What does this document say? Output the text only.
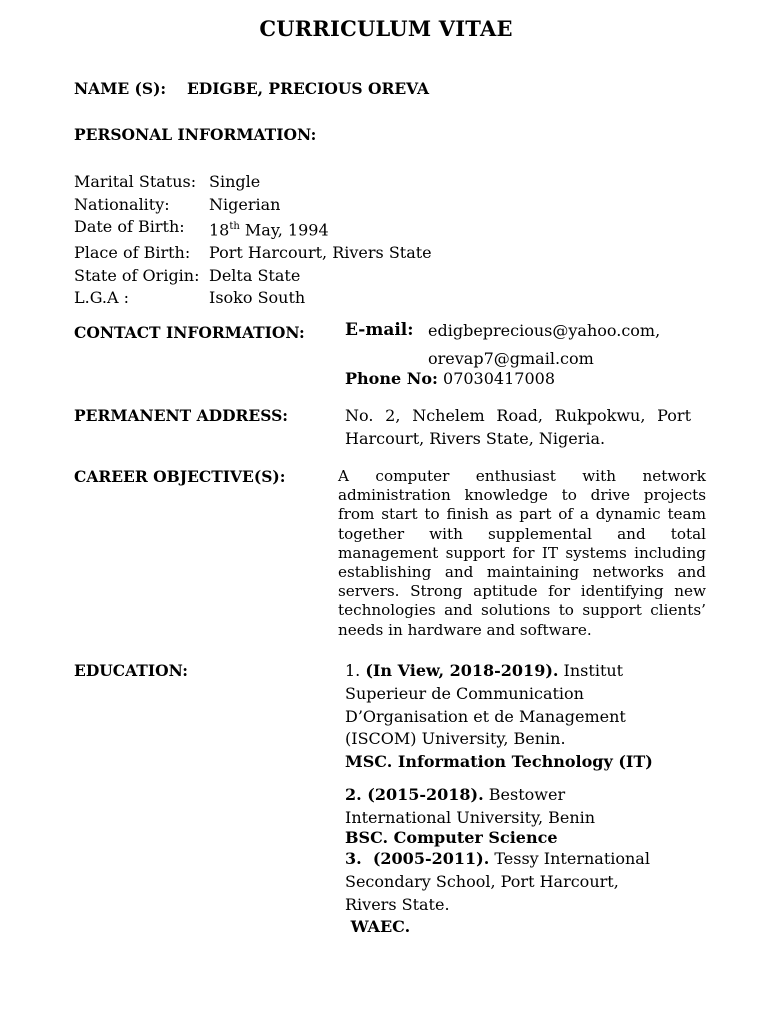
CURRICULUM VITAE
NAME (S): EDIGBE, PRECIOUS OREVA
PERSONAL INFORMATION:
Marital Status: Single
Nationality:	Nigerian
Date of Birth:	18th May, 1994
Place of Birth:	Port Harcourt, Rivers State
State of Origin: Delta State
L.G.A :	Isoko South
CONTACT INFORMATION: E-mail: edigbeprecious@yahoo.com,
orevap7@gmail.com
Phone No: 07030417008
PERMANENT ADDRESS:	No. 2, Nchelem Road, Rukpokwu, Port Harcourt, Rivers State, Nigeria.
CAREER OBJECTIVE(S):	A computer enthusiast with network administration knowledge to drive projects from start to finish as part of a dynamic team together with supplemental and total management support for IT systems including establishing and maintaining networks and servers. Strong aptitude for identifying new technologies and solutions to support clients’ needs in hardware and software.
EDUCATION:	1. (In View, 2018-2019). Institut Superieur de Communication D’Organisation et de Management (ISCOM) University, Benin.
MSC. Information Technology (IT)
2. (2015-2018). Bestower International University, Benin
BSC. Computer Science
3.  (2005-2011). Tessy International Secondary School, Port Harcourt, Rivers State.
WAEC.
